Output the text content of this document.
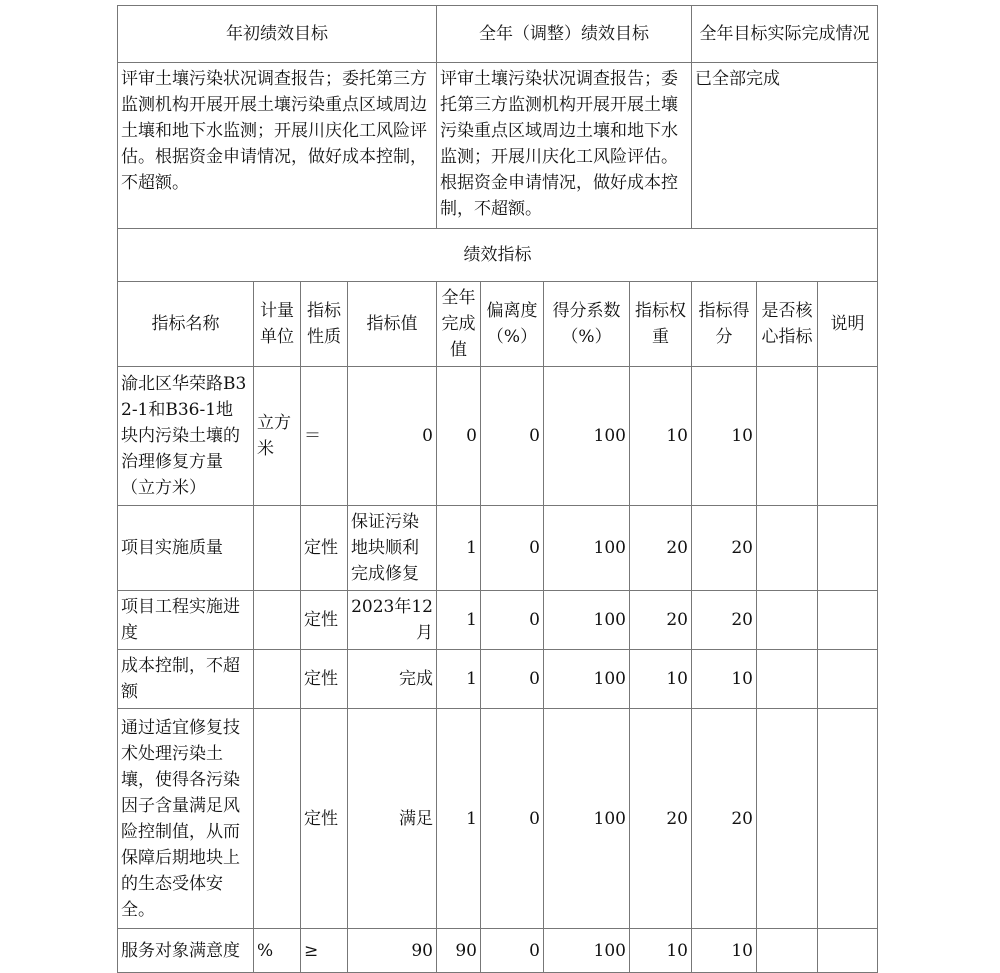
年初绩效目标				全年（调整）绩效目标				全年目标实际完成情况		
评审土壤污染状况调查报告；委托第三方监测机构开展开展土壤污染重点区域周边土壤和地下水监测；开展川庆化工风险评估。根据资金申请情况，做好成本控制，不超额。				评审土壤污染状况调查报告；委托第三方监测机构开展开展土壤污染重点区域周边土壤和地下水监测；开展川庆化工风险评估。根据资金申请情况，做好成本控制，不超额。				已全部完成		
绩效指标										
指标名称	计量单位	指标性质	指标值	全年完成值	偏离度（%）	得分系数（%）	指标权重	指标得分	是否核心指标	说明
渝北区华荣路B32-1和B36-1地块内污染土壤的治理修复方量（立方米）	立方米	＝	0	0	0	100	10	10		
项目实施质量		定性	保证污染地块顺利完成修复	1	0	100	20	20		
项目工程实施进度		定性	2023年12月	1	0	100	20	20		
成本控制，不超额		定性	完成	1	0	100	10	10		
通过适宜修复技术处理污染土壤，使得各污染因子含量满足风险控制值，从而保障后期地块上的生态受体安全。		定性	满足	1	0	100	20	20		
服务对象满意度	%	≥	90	90	0	100	10	10		
